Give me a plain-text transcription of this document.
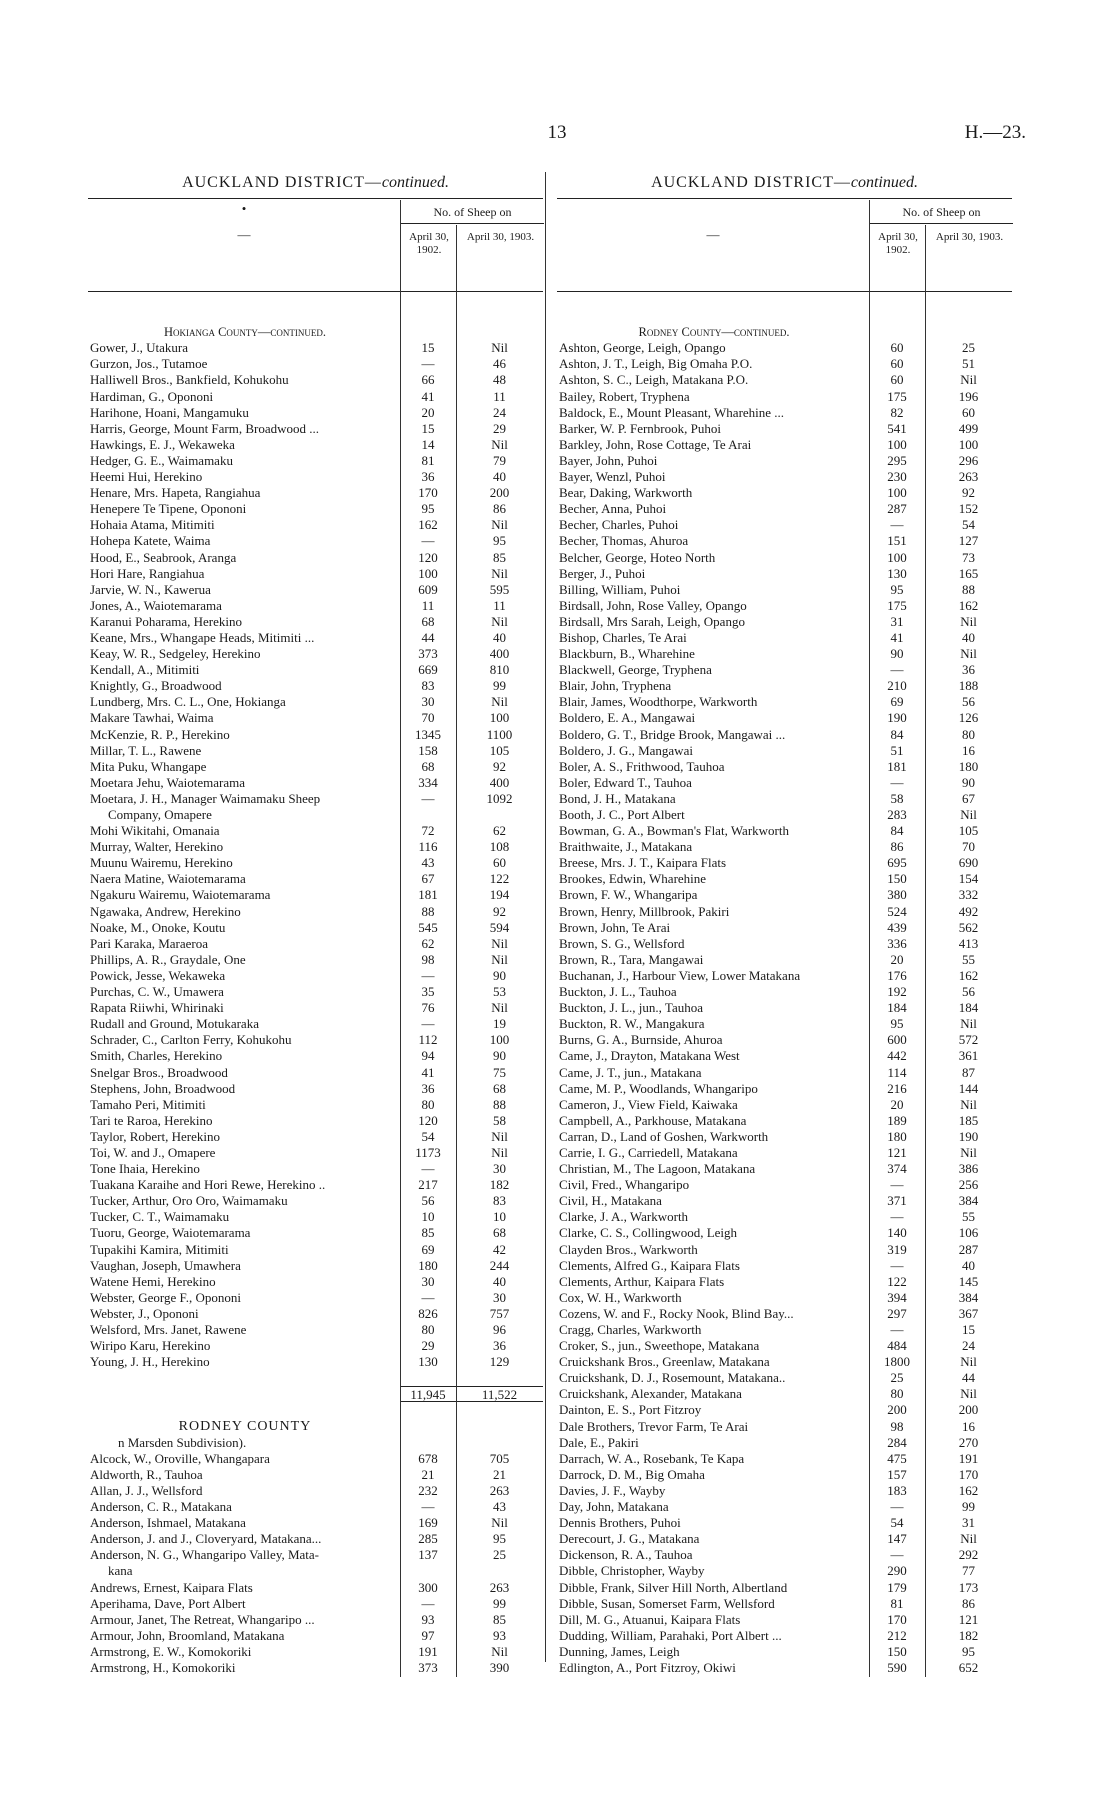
13	H.—23.
AUCKLAND DISTRICT—continued.
•
—
No. of Sheep on
April 30, 1902.
April 30, 1903.
Hokianga County—continued.
Gower, J., Utakura	15	Nil
Gurzon, Jos., Tutamoe	—	46
Halliwell Bros., Bankfield, Kohukohu	66	48
Hardiman, G., Opononi	41	11
Harihone, Hoani, Mangamuku	20	24
Harris, George, Mount Farm, Broadwood ...	15	29
Hawkings, E. J., Wekaweka	14	Nil
Hedger, G. E., Waimamaku	81	79
Heemi Hui, Herekino	36	40
Henare, Mrs. Hapeta, Rangiahua	170	200
Henepere Te Tipene, Opononi	95	86
Hohaia Atama, Mitimiti	162	Nil
Hohepa Katete, Waima	—	95
Hood, E., Seabrook, Aranga	120	85
Hori Hare, Rangiahua	100	Nil
Jarvie, W. N., Kawerua	609	595
Jones, A., Waiotemarama	11	11
Karanui Poharama, Herekino	68	Nil
Keane, Mrs., Whangape Heads, Mitimiti ...	44	40
Keay, W. R., Sedgeley, Herekino	373	400
Kendall, A., Mitimiti	669	810
Knightly, G., Broadwood	83	99
Lundberg, Mrs. C. L., One, Hokianga	30	Nil
Makare Tawhai, Waima	70	100
McKenzie, R. P., Herekino	1345	1100
Millar, T. L., Rawene	158	105
Mita Puku, Whangape	68	92
Moetara Jehu, Waiotemarama	334	400
Moetara, J. H., Manager Waimamaku Sheep	—	1092
Company, Omapere
Mohi Wikitahi, Omanaia	72	62
Murray, Walter, Herekino	116	108
Muunu Wairemu, Herekino	43	60
Naera Matine, Waiotemarama	67	122
Ngakuru Wairemu, Waiotemarama	181	194
Ngawaka, Andrew, Herekino	88	92
Noake, M., Onoke, Koutu	545	594
Pari Karaka, Maraeroa	62	Nil
Phillips, A. R., Graydale, One	98	Nil
Powick, Jesse, Wekaweka	—	90
Purchas, C. W., Umawera	35	53
Rapata Riiwhi, Whirinaki	76	Nil
Rudall and Ground, Motukaraka	—	19
Schrader, C., Carlton Ferry, Kohukohu	112	100
Smith, Charles, Herekino	94	90
Snelgar Bros., Broadwood	41	75
Stephens, John, Broadwood	36	68
Tamaho Peri, Mitimiti	80	88
Tari te Raroa, Herekino	120	58
Taylor, Robert, Herekino	54	Nil
Toi, W. and J., Omapere	1173	Nil
Tone Ihaia, Herekino	—	30
Tuakana Karaihe and Hori Rewe, Herekino ..	217	182
Tucker, Arthur, Oro Oro, Waimamaku	56	83
Tucker, C. T., Waimamaku	10	10
Tuoru, George, Waiotemarama	85	68
Tupakihi Kamira, Mitimiti	69	42
Vaughan, Joseph, Umawhera	180	244
Watene Hemi, Herekino	30	40
Webster, George F., Opononi	—	30
Webster, J., Opononi	826	757
Welsford, Mrs. Janet, Rawene	80	96
Wiripo Karu, Herekino	29	36
Young, J. H., Herekino	130	129
11,945	11,522
RODNEY COUNTY
n Marsden Subdivision).
Alcock, W., Oroville, Whangapara	678	705
Aldworth, R., Tauhoa	21	21
Allan, J. J., Wellsford	232	263
Anderson, C. R., Matakana	—	43
Anderson, Ishmael, Matakana	169	Nil
Anderson, J. and J., Cloveryard, Matakana...	285	95
Anderson, N. G., Whangaripo Valley, Mata-	137	25
kana
Andrews, Ernest, Kaipara Flats	300	263
Aperihama, Dave, Port Albert	—	99
Armour, Janet, The Retreat, Whangaripo ...	93	85
Armour, John, Broomland, Matakana	97	93
Armstrong, E. W., Komokoriki	191	Nil
Armstrong, H., Komokoriki	373	390
AUCKLAND DISTRICT—continued.
—
No. of Sheep on
April 30, 1902.
April 30, 1903.
Rodney County—continued.
Ashton, George, Leigh, Opango	60	25
Ashton, J. T., Leigh, Big Omaha P.O.	60	51
Ashton, S. C., Leigh, Matakana P.O.	60	Nil
Bailey, Robert, Tryphena	175	196
Baldock, E., Mount Pleasant, Wharehine ...	82	60
Barker, W. P. Fernbrook, Puhoi	541	499
Barkley, John, Rose Cottage, Te Arai	100	100
Bayer, John, Puhoi	295	296
Bayer, Wenzl, Puhoi	230	263
Bear, Daking, Warkworth	100	92
Becher, Anna, Puhoi	287	152
Becher, Charles, Puhoi	—	54
Becher, Thomas, Ahuroa	151	127
Belcher, George, Hoteo North	100	73
Berger, J., Puhoi	130	165
Billing, William, Puhoi	95	88
Birdsall, John, Rose Valley, Opango	175	162
Birdsall, Mrs Sarah, Leigh, Opango	31	Nil
Bishop, Charles, Te Arai	41	40
Blackburn, B., Wharehine	90	Nil
Blackwell, George, Tryphena	—	36
Blair, John, Tryphena	210	188
Blair, James, Woodthorpe, Warkworth	69	56
Boldero, E. A., Mangawai	190	126
Boldero, G. T., Bridge Brook, Mangawai ...	84	80
Boldero, J. G., Mangawai	51	16
Boler, A. S., Frithwood, Tauhoa	181	180
Boler, Edward T., Tauhoa	—	90
Bond, J. H., Matakana	58	67
Booth, J. C., Port Albert	283	Nil
Bowman, G. A., Bowman's Flat, Warkworth	84	105
Braithwaite, J., Matakana	86	70
Breese, Mrs. J. T., Kaipara Flats	695	690
Brookes, Edwin, Wharehine	150	154
Brown, F. W., Whangaripa	380	332
Brown, Henry, Millbrook, Pakiri	524	492
Brown, John, Te Arai	439	562
Brown, S. G., Wellsford	336	413
Brown, R., Tara, Mangawai	20	55
Buchanan, J., Harbour View, Lower Matakana	176	162
Buckton, J. L., Tauhoa	192	56
Buckton, J. L., jun., Tauhoa	184	184
Buckton, R. W., Mangakura	95	Nil
Burns, G. A., Burnside, Ahuroa	600	572
Came, J., Drayton, Matakana West	442	361
Came, J. T., jun., Matakana	114	87
Came, M. P., Woodlands, Whangaripo	216	144
Cameron, J., View Field, Kaiwaka	20	Nil
Campbell, A., Parkhouse, Matakana	189	185
Carran, D., Land of Goshen, Warkworth	180	190
Carrie, I. G., Carriedell, Matakana	121	Nil
Christian, M., The Lagoon, Matakana	374	386
Civil, Fred., Whangaripo	—	256
Civil, H., Matakana	371	384
Clarke, J. A., Warkworth	—	55
Clarke, C. S., Collingwood, Leigh	140	106
Clayden Bros., Warkworth	319	287
Clements, Alfred G., Kaipara Flats	—	40
Clements, Arthur, Kaipara Flats	122	145
Cox, W. H., Warkworth	394	384
Cozens, W. and F., Rocky Nook, Blind Bay...	297	367
Cragg, Charles, Warkworth	—	15
Croker, S., jun., Sweethope, Matakana	484	24
Cruickshank Bros., Greenlaw, Matakana	1800	Nil
Cruickshank, D. J., Rosemount, Matakana..	25	44
Cruickshank, Alexander, Matakana	80	Nil
Dainton, E. S., Port Fitzroy	200	200
Dale Brothers, Trevor Farm, Te Arai	98	16
Dale, E., Pakiri	284	270
Darrach, W. A., Rosebank, Te Kapa	475	191
Darrock, D. M., Big Omaha	157	170
Davies, J. F., Wayby	183	162
Day, John, Matakana	—	99
Dennis Brothers, Puhoi	54	31
Derecourt, J. G., Matakana	147	Nil
Dickenson, R. A., Tauhoa	—	292
Dibble, Christopher, Wayby	290	77
Dibble, Frank, Silver Hill North, Albertland	179	173
Dibble, Susan, Somerset Farm, Wellsford	81	86
Dill, M. G., Atuanui, Kaipara Flats	170	121
Dudding, William, Parahaki, Port Albert ...	212	182
Dunning, James, Leigh	150	95
Edlington, A., Port Fitzroy, Okiwi	590	652
